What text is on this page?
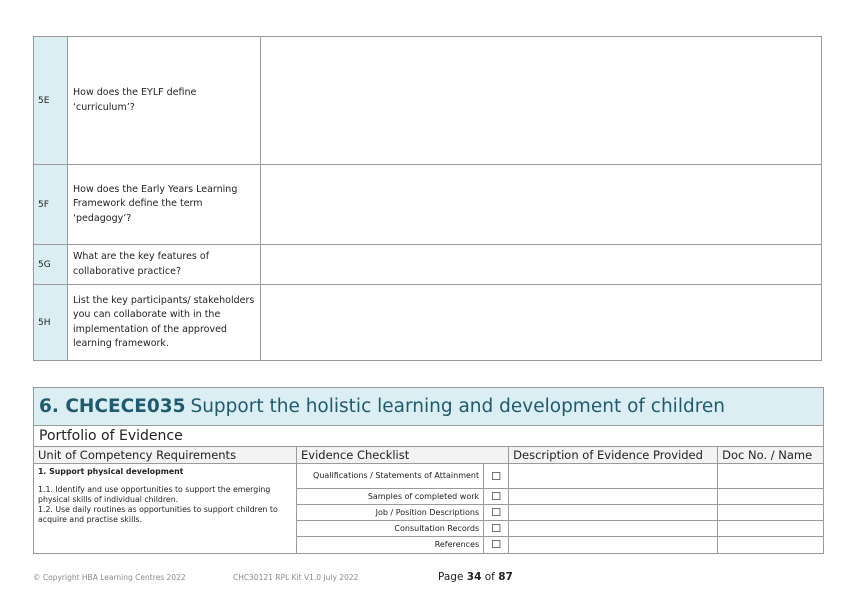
5E	How does the EYLF define ‘curriculum’?	
5F	How does the Early Years Learning Framework define the term ‘pedagogy’?	
5G	What are the key features of collaborative practice?	
5H	List the key participants/ stakeholders you can collaborate with in the implementation of the approved learning framework.	
6. CHCECE035 Support the holistic learning and development of children
Portfolio of Evidence
Unit of Competency Requirements	Evidence Checklist		Description of Evidence Provided	Doc No. / Name

1. Support physical development
1.1. Identify and use opportunities to support the emerging physical skills of individual children.
1.2. Use daily routines as opportunities to support children to acquire and practise skills.	Qualifications / Statements of Attainment	☐		
	Samples of completed work	☐		
	Job / Position Descriptions	☐		
	Consultation Records	☐		
	References	☐		
© Copyright HBA Learning Centres 2022	CHC30121 RPL Kit V1.0 July 2022	Page 34 of 87
